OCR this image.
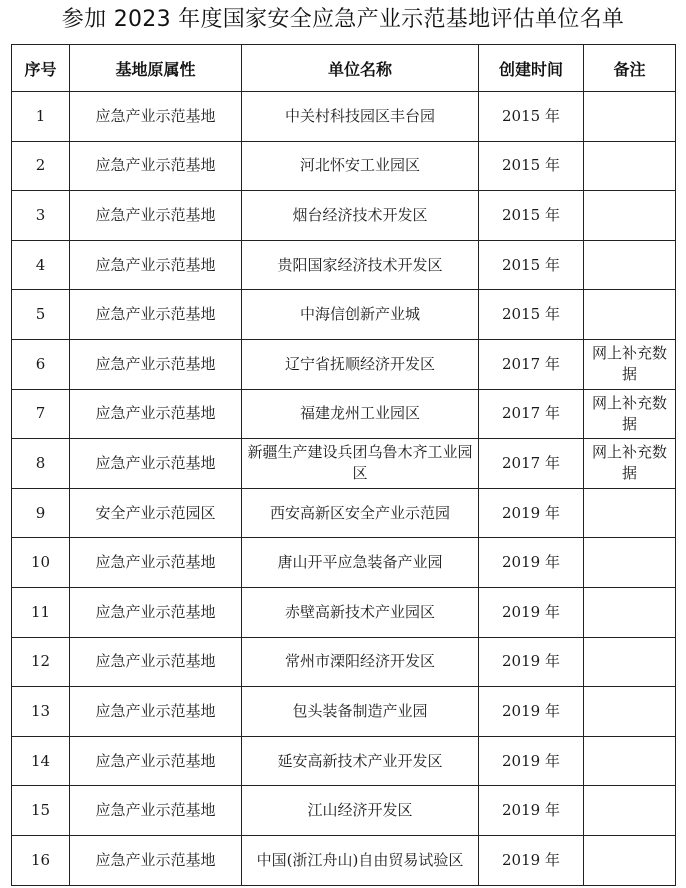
参加 2023 年度国家安全应急产业示范基地评估单位名单
序号	基地原属性	单位名称	创建时间	备注
1	应急产业示范基地	中关村科技园区丰台园	2015 年	
2	应急产业示范基地	河北怀安工业园区	2015 年	
3	应急产业示范基地	烟台经济技术开发区	2015 年	
4	应急产业示范基地	贵阳国家经济技术开发区	2015 年	
5	应急产业示范基地	中海信创新产业城	2015 年	
6	应急产业示范基地	辽宁省抚顺经济开发区	2017 年	网上补充数据
7	应急产业示范基地	福建龙州工业园区	2017 年	网上补充数据
8	应急产业示范基地	新疆生产建设兵团乌鲁木齐工业园区	2017 年	网上补充数据
9	安全产业示范园区	西安高新区安全产业示范园	2019 年	
10	应急产业示范基地	唐山开平应急装备产业园	2019 年	
11	应急产业示范基地	赤壁高新技术产业园区	2019 年	
12	应急产业示范基地	常州市溧阳经济开发区	2019 年	
13	应急产业示范基地	包头装备制造产业园	2019 年	
14	应急产业示范基地	延安高新技术产业开发区	2019 年	
15	应急产业示范基地	江山经济开发区	2019 年	
16	应急产业示范基地	中国(浙江舟山)自由贸易试验区	2019 年	
